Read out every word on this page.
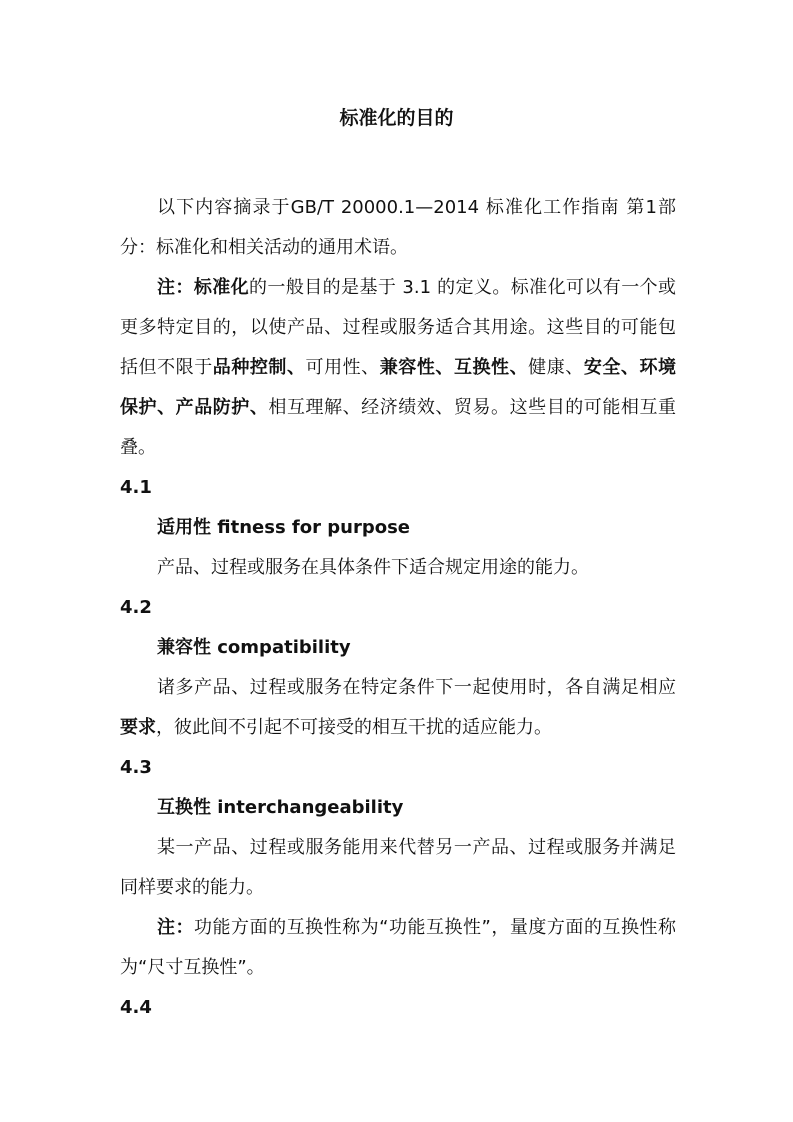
标准化的目的

以下内容摘录于GB/T 20000.1—2014 标准化工作指南 第1部分：标准化和相关活动的通用术语。

注：标准化的一般目的是基于 3.1 的定义。标准化可以有一个或更多特定目的，以使产品、过程或服务适合其用途。这些目的可能包括但不限于品种控制、可用性、兼容性、互换性、健康、安全、环境保护、产品防护、相互理解、经济绩效、贸易。这些目的可能相互重叠。

4.1

适用性 fitness for purpose

产品、过程或服务在具体条件下适合规定用途的能力。

4.2

兼容性 compatibility

诸多产品、过程或服务在特定条件下一起使用时，各自满足相应要求，彼此间不引起不可接受的相互干扰的适应能力。

4.3

互换性 interchangeability

某一产品、过程或服务能用来代替另一产品、过程或服务并满足同样要求的能力。

注：功能方面的互换性称为“功能互换性”，量度方面的互换性称为“尺寸互换性”。

4.4
